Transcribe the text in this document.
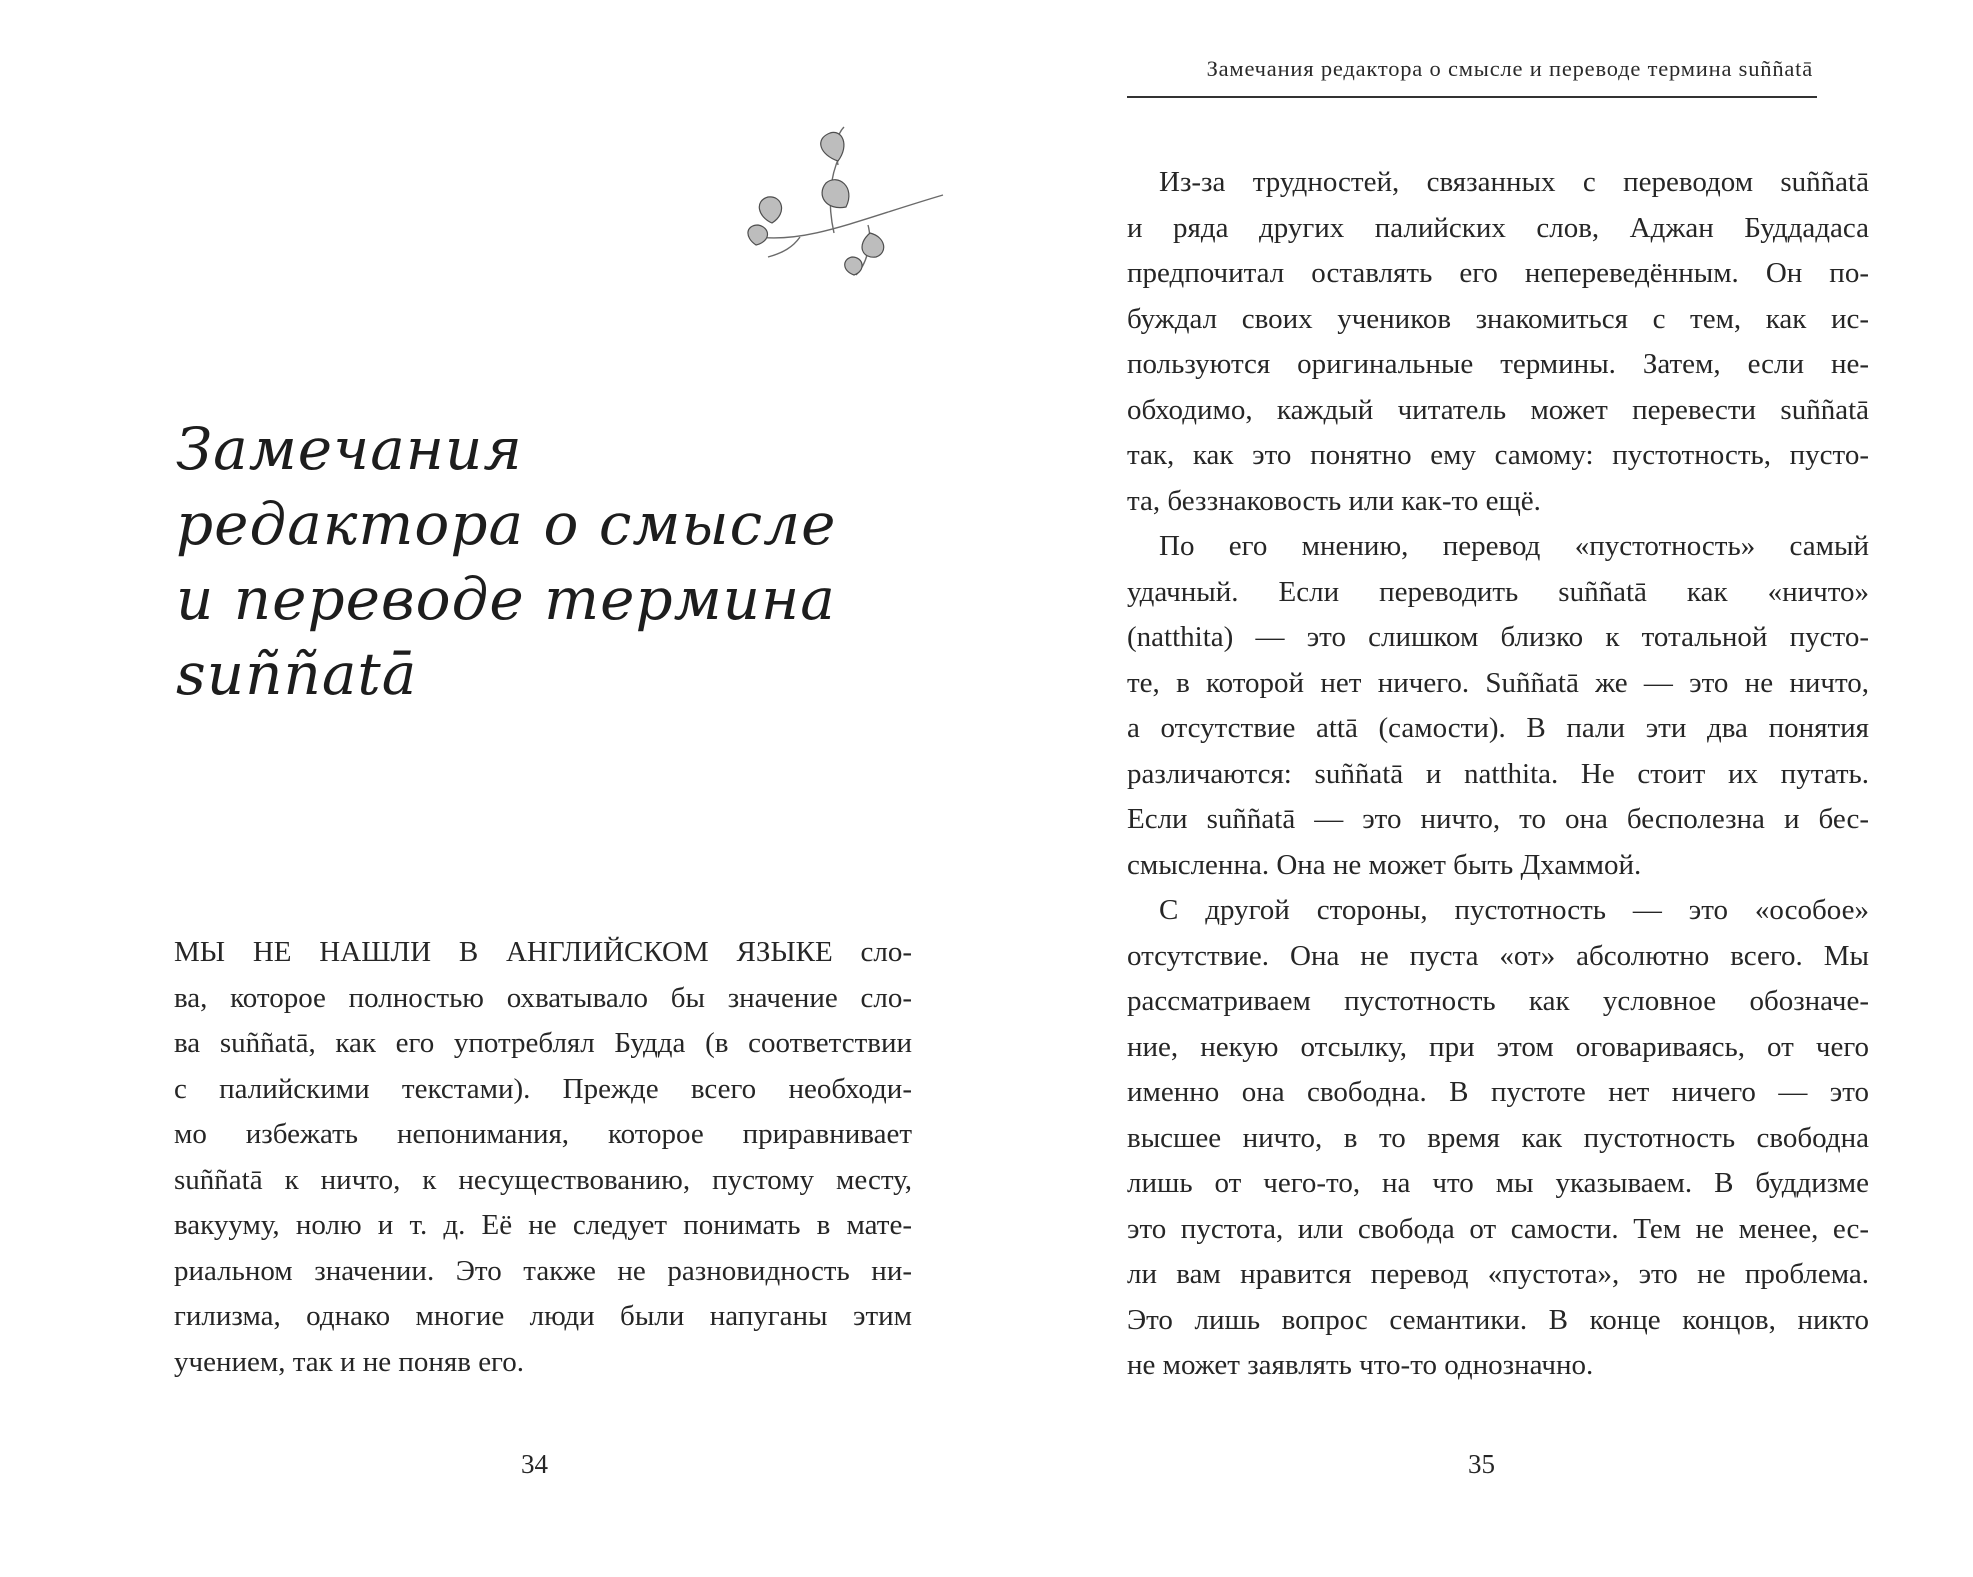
Замечания
редактора о смысле
и переводе термина
suññatā
МЫ НЕ НАШЛИ В АНГЛИЙСКОМ ЯЗЫКЕ сло-
ва, которое полностью охватывало бы значение сло-
ва suññatā, как его употреблял Будда (в соответствии
с палийскими текстами). Прежде всего необходи-
мо избежать непонимания, которое приравнивает
suññatā к ничто, к несуществованию, пустому месту,
вакууму, нолю и т. д. Её не следует понимать в мате-
риальном значении. Это также не разновидность ни-
гилизма, однако многие люди были напуганы этим
учением, так и не поняв его.
34
Замечания редактора о смысле и переводе термина suññatā
Из-за трудностей, связанных с переводом suññatā
и ряда других палийских слов, Аджан Буддадаса
предпочитал оставлять его непереведённым. Он по-
буждал своих учеников знакомиться с тем, как ис-
пользуются оригинальные термины. Затем, если не-
обходимо, каждый читатель может перевести suññatā
так, как это понятно ему самому: пустотность, пусто-
та, беззнаковость или как-то ещё.
По его мнению, перевод «пустотность» самый
удачный. Если переводить suññatā как «ничто»
(natthita) — это слишком близко к тотальной пусто-
те, в которой нет ничего. Suññatā же — это не ничто,
а отсутствие attā (самости). В пали эти два понятия
различаются: suññatā и natthita. Не стоит их путать.
Если suññatā — это ничто, то она бесполезна и бес-
смысленна. Она не может быть Дхаммой.
С другой стороны, пустотность — это «особое»
отсутствие. Она не пуста «от» абсолютно всего. Мы
рассматриваем пустотность как условное обозначе-
ние, некую отсылку, при этом оговариваясь, от чего
именно она свободна. В пустоте нет ничего — это
высшее ничто, в то время как пустотность свободна
лишь от чего-то, на что мы указываем. В буддизме
это пустота, или свобода от самости. Тем не менее, ес-
ли вам нравится перевод «пустота», это не проблема.
Это лишь вопрос семантики. В конце концов, никто
не может заявлять что-то однозначно.
35
